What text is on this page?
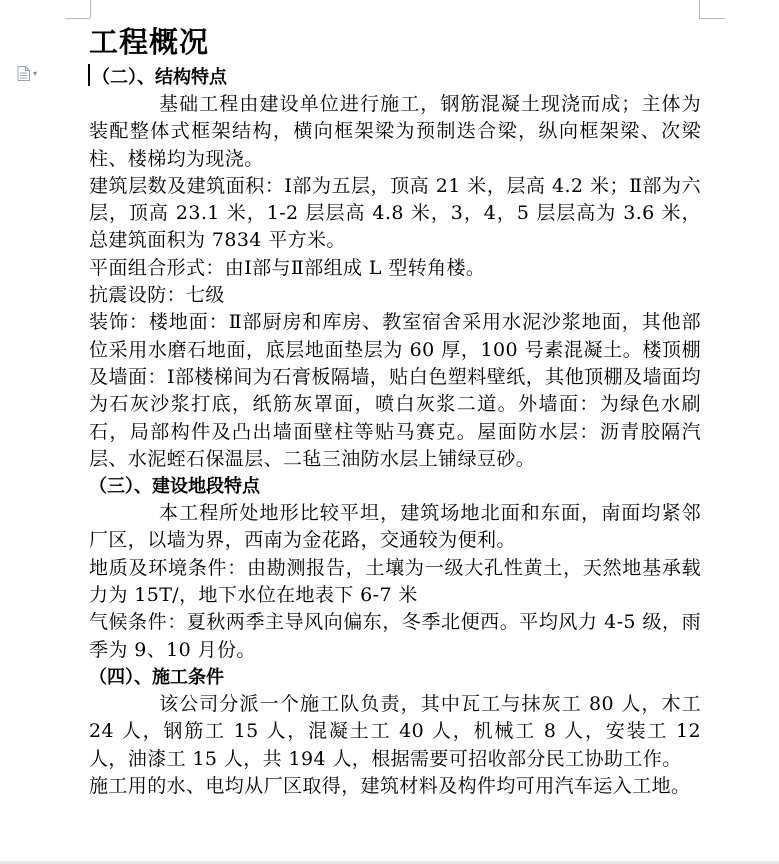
▾
工程概况
（二）、结构特点

基础工程由建设单位进行施工，钢筋混凝土现浇而成；主体为装配整体式框架结构，横向框架梁为预制迭合梁，纵向框架梁、次梁柱、楼梯均为现浇。

建筑层数及建筑面积：Ⅰ部为五层，顶高 21 米，层高 4.2 米；Ⅱ部为六层，顶高 23.1 米，1-2 层层高 4.8 米，3，4，5 层层高为 3.6 米，总建筑面积为 7834 平方米。

平面组合形式：由Ⅰ部与Ⅱ部组成 L 型转角楼。

抗震设防：七级

装饰：楼地面：Ⅱ部厨房和库房、教室宿舍采用水泥沙浆地面，其他部位采用水磨石地面，底层地面垫层为 60 厚，100 号素混凝土。楼顶棚及墙面：Ⅰ部楼梯间为石膏板隔墙，贴白色塑料壁纸，其他顶棚及墙面均为石灰沙浆打底，纸筋灰罩面，喷白灰浆二道。外墙面：为绿色水刷石，局部构件及凸出墙面壁柱等贴马赛克。屋面防水层：沥青胶隔汽层、水泥蛭石保温层、二毡三油防水层上铺绿豆砂。

（三）、建设地段特点

本工程所处地形比较平坦，建筑场地北面和东面，南面均紧邻厂区，以墙为界，西南为金花路，交通较为便利。

地质及环境条件：由勘测报告，土壤为一级大孔性黄土，天然地基承载力为 15T/，地下水位在地表下 6-7 米

气候条件：夏秋两季主导风向偏东，冬季北便西。平均风力 4-5 级，雨季为 9、10 月份。

（四）、施工条件

该公司分派一个施工队负责，其中瓦工与抹灰工 80 人，木工 24 人，钢筋工 15 人，混凝土工 40 人，机械工 8 人，安装工 12 人，油漆工 15 人，共 194 人，根据需要可招收部分民工协助工作。

施工用的水、电均从厂区取得，建筑材料及构件均可用汽车运入工地。
